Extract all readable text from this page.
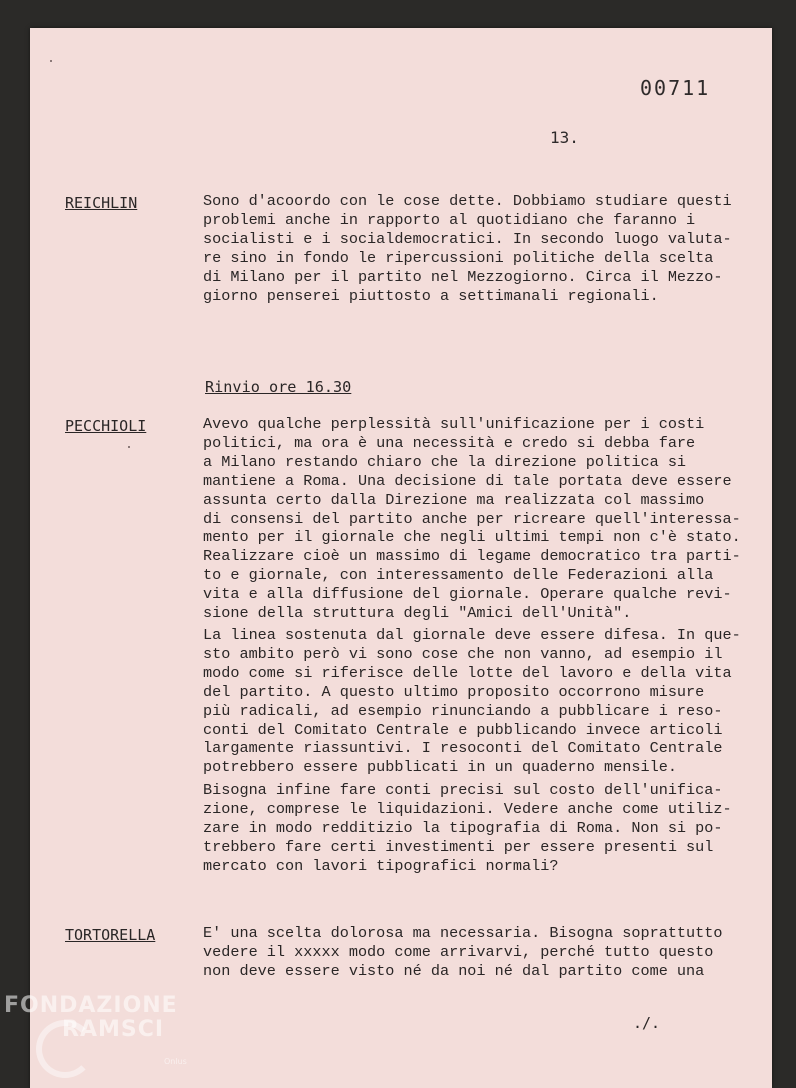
00711
13.
REICHLIN	Sono d'acoordo con le cose dette. Dobbiamo studiare questi
problemi anche in rapporto al quotidiano che faranno i
socialisti e i socialdemocratici. In secondo luogo valuta-
re sino in fondo le ripercussioni politiche della scelta
di Milano per il partito nel Mezzogiorno. Circa il Mezzo-
giorno penserei piuttosto a settimanali regionali.
Rinvio ore 16.30
PECCHIOLI	Avevo qualche perplessità sull'unificazione per i costi
politici, ma ora è una necessità e credo si debba fare
a Milano restando chiaro che la direzione politica si
mantiene a Roma. Una decisione di tale portata deve essere
assunta certo dalla Direzione ma realizzata col massimo
di consensi del partito anche per ricreare quell'interessa-
mento per il giornale che negli ultimi tempi non c'è stato.
Realizzare cioè un massimo di legame democratico tra parti-
to e giornale, con interessamento delle Federazioni alla
vita e alla diffusione del giornale. Operare qualche revi-
sione della struttura degli "Amici dell'Unità".
La linea sostenuta dal giornale deve essere difesa. In que-
sto ambito però vi sono cose che non vanno, ad esempio il
modo come si riferisce delle lotte del lavoro e della vita
del partito. A questo ultimo proposito occorrono misure
più radicali, ad esempio rinunciando a pubblicare i reso-
conti del Comitato Centrale e pubblicando invece articoli
largamente riassuntivi. I resoconti del Comitato Centrale
potrebbero essere pubblicati in un quaderno mensile.
Bisogna infine fare conti precisi sul costo dell'unifica-
zione, comprese le liquidazioni. Vedere anche come utiliz-
zare in modo redditizio la tipografia di Roma. Non si po-
trebbero fare certi investimenti per essere presenti sul
mercato con lavori tipografici normali?
TORTORELLA	E' una scelta dolorosa ma necessaria. Bisogna soprattutto
vedere il xxxxx modo come arrivarvi, perché tutto questo
non deve essere visto né da noi né dal partito come una
./.
FONDAZIONE
RAMSCI
Onlus
